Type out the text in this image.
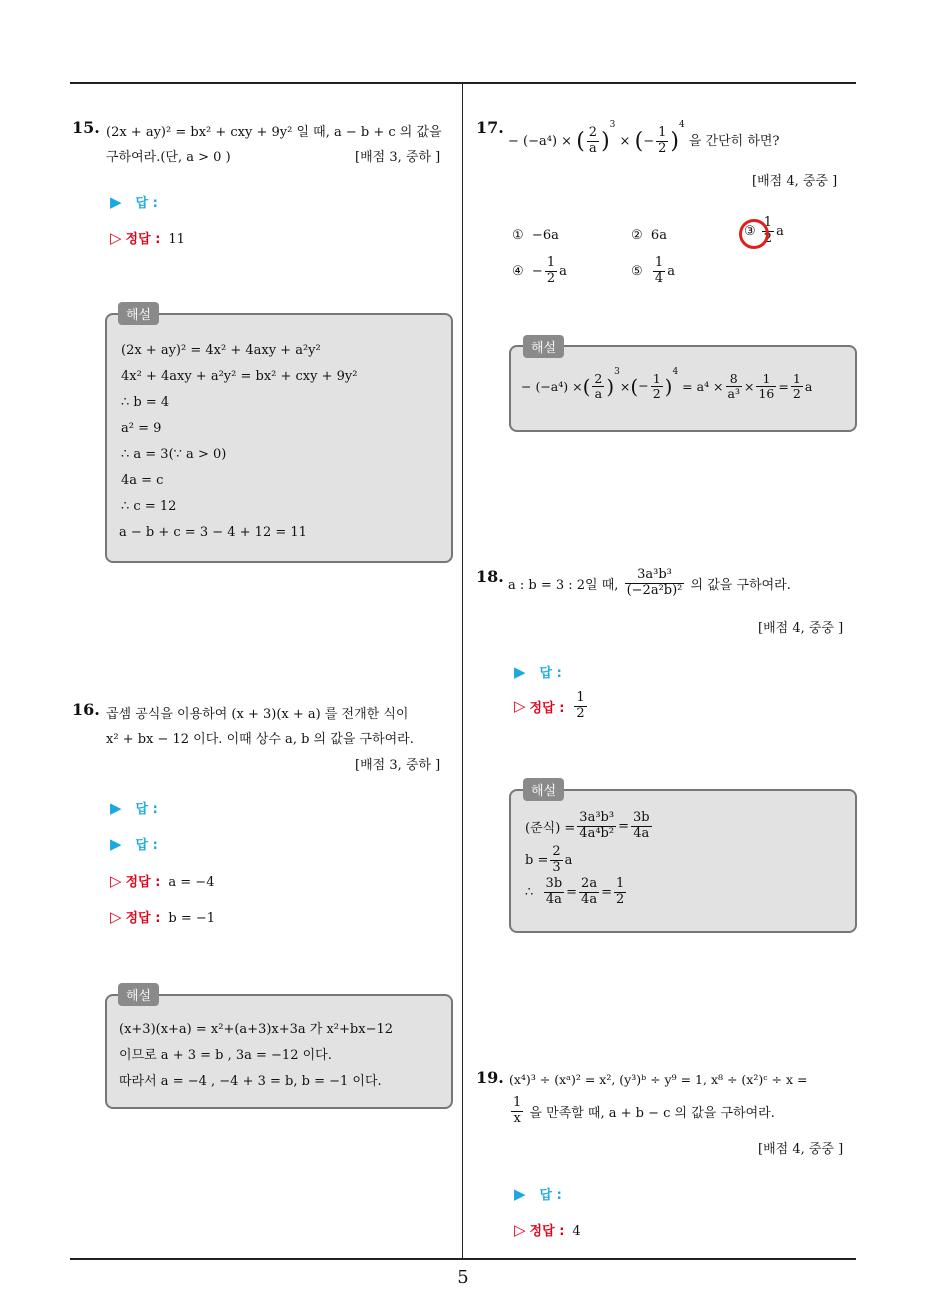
5
15. (2x + ay)² = bx² + cxy + 9y² 일 때, a − b + c 의 값을
구하여라.(단, a > 0 )	[배점 3, 중하 ]
▶ 답 :
▷ 정답 : 11
(2x + ay)² = 4x² + 4axy + a²y²
4x² + 4axy + a²y² = bx² + cxy + 9y²
∴ b = 4
a² = 9
∴ a = 3(∵ a > 0)
4a = c
∴ c = 12
a − b + c = 3 − 4 + 12 = 11
해설
16. 곱셈 공식을 이용하여 (x + 3)(x + a) 를 전개한 식이
x² + bx − 12 이다. 이때 상수 a, b 의 값을 구하여라.
[배점 3, 중하 ]
▶ 답 :
▶ 답 :
▷ 정답 : a = −4
▷ 정답 : b = −1
(x+3)(x+a) = x²+(a+3)x+3a 가 x²+bx−12
이므로 a + 3 = b , 3a = −12 이다.
따라서 a = −4 , −4 + 3 = b, b = −1 이다.
해설
17.
− (−a⁴) × ( $\frac{2}{a} )^3$ × (− $\frac{1}{2} )^4$ 을 간단히 하면?
[배점 4, 중중 ]
① −6a	② 6a	③ $\frac{1}{2}$ a
④ − $\frac{1}{2}$ a	⑤ $\frac{1}{4}$ a
− (−a⁴) ×( $\frac{2}{a} )^3\times(- \frac{1}{2} )^4 = a^4 \times \frac{8}{\text{a³}} \times \frac{1}{16} = \frac{1}{2}$ a
해설
18. a : b = 3 : 2일 때, $\frac{\text{3a³b³}}{\text{(−2a²b)²}}$ 의 값을 구하여라.
[배점 4, 중중 ]
▶ 답 :
▷ 정답 : $\frac{1}{2}$
(준식) = $\frac{\text{3a³b³}}{\text{4a⁴b²}} = \frac{3b}{4a}$
$b = \frac{2}{3}$ a
∴ $\frac{3b}{4a} = \frac{2a}{4a} = \frac{1}{2}$
해설
19. (x⁴)³ ÷ (xᵃ)² = x², (y³)ᵇ ÷ y⁹ = 1, x⁸ ÷ (x²)ᶜ ÷ x =
$\frac{1}{x}$ 을 만족할 때, a + b − c 의 값을 구하여라.
[배점 4, 중중 ]
▶ 답 :
▷ 정답 : 4
